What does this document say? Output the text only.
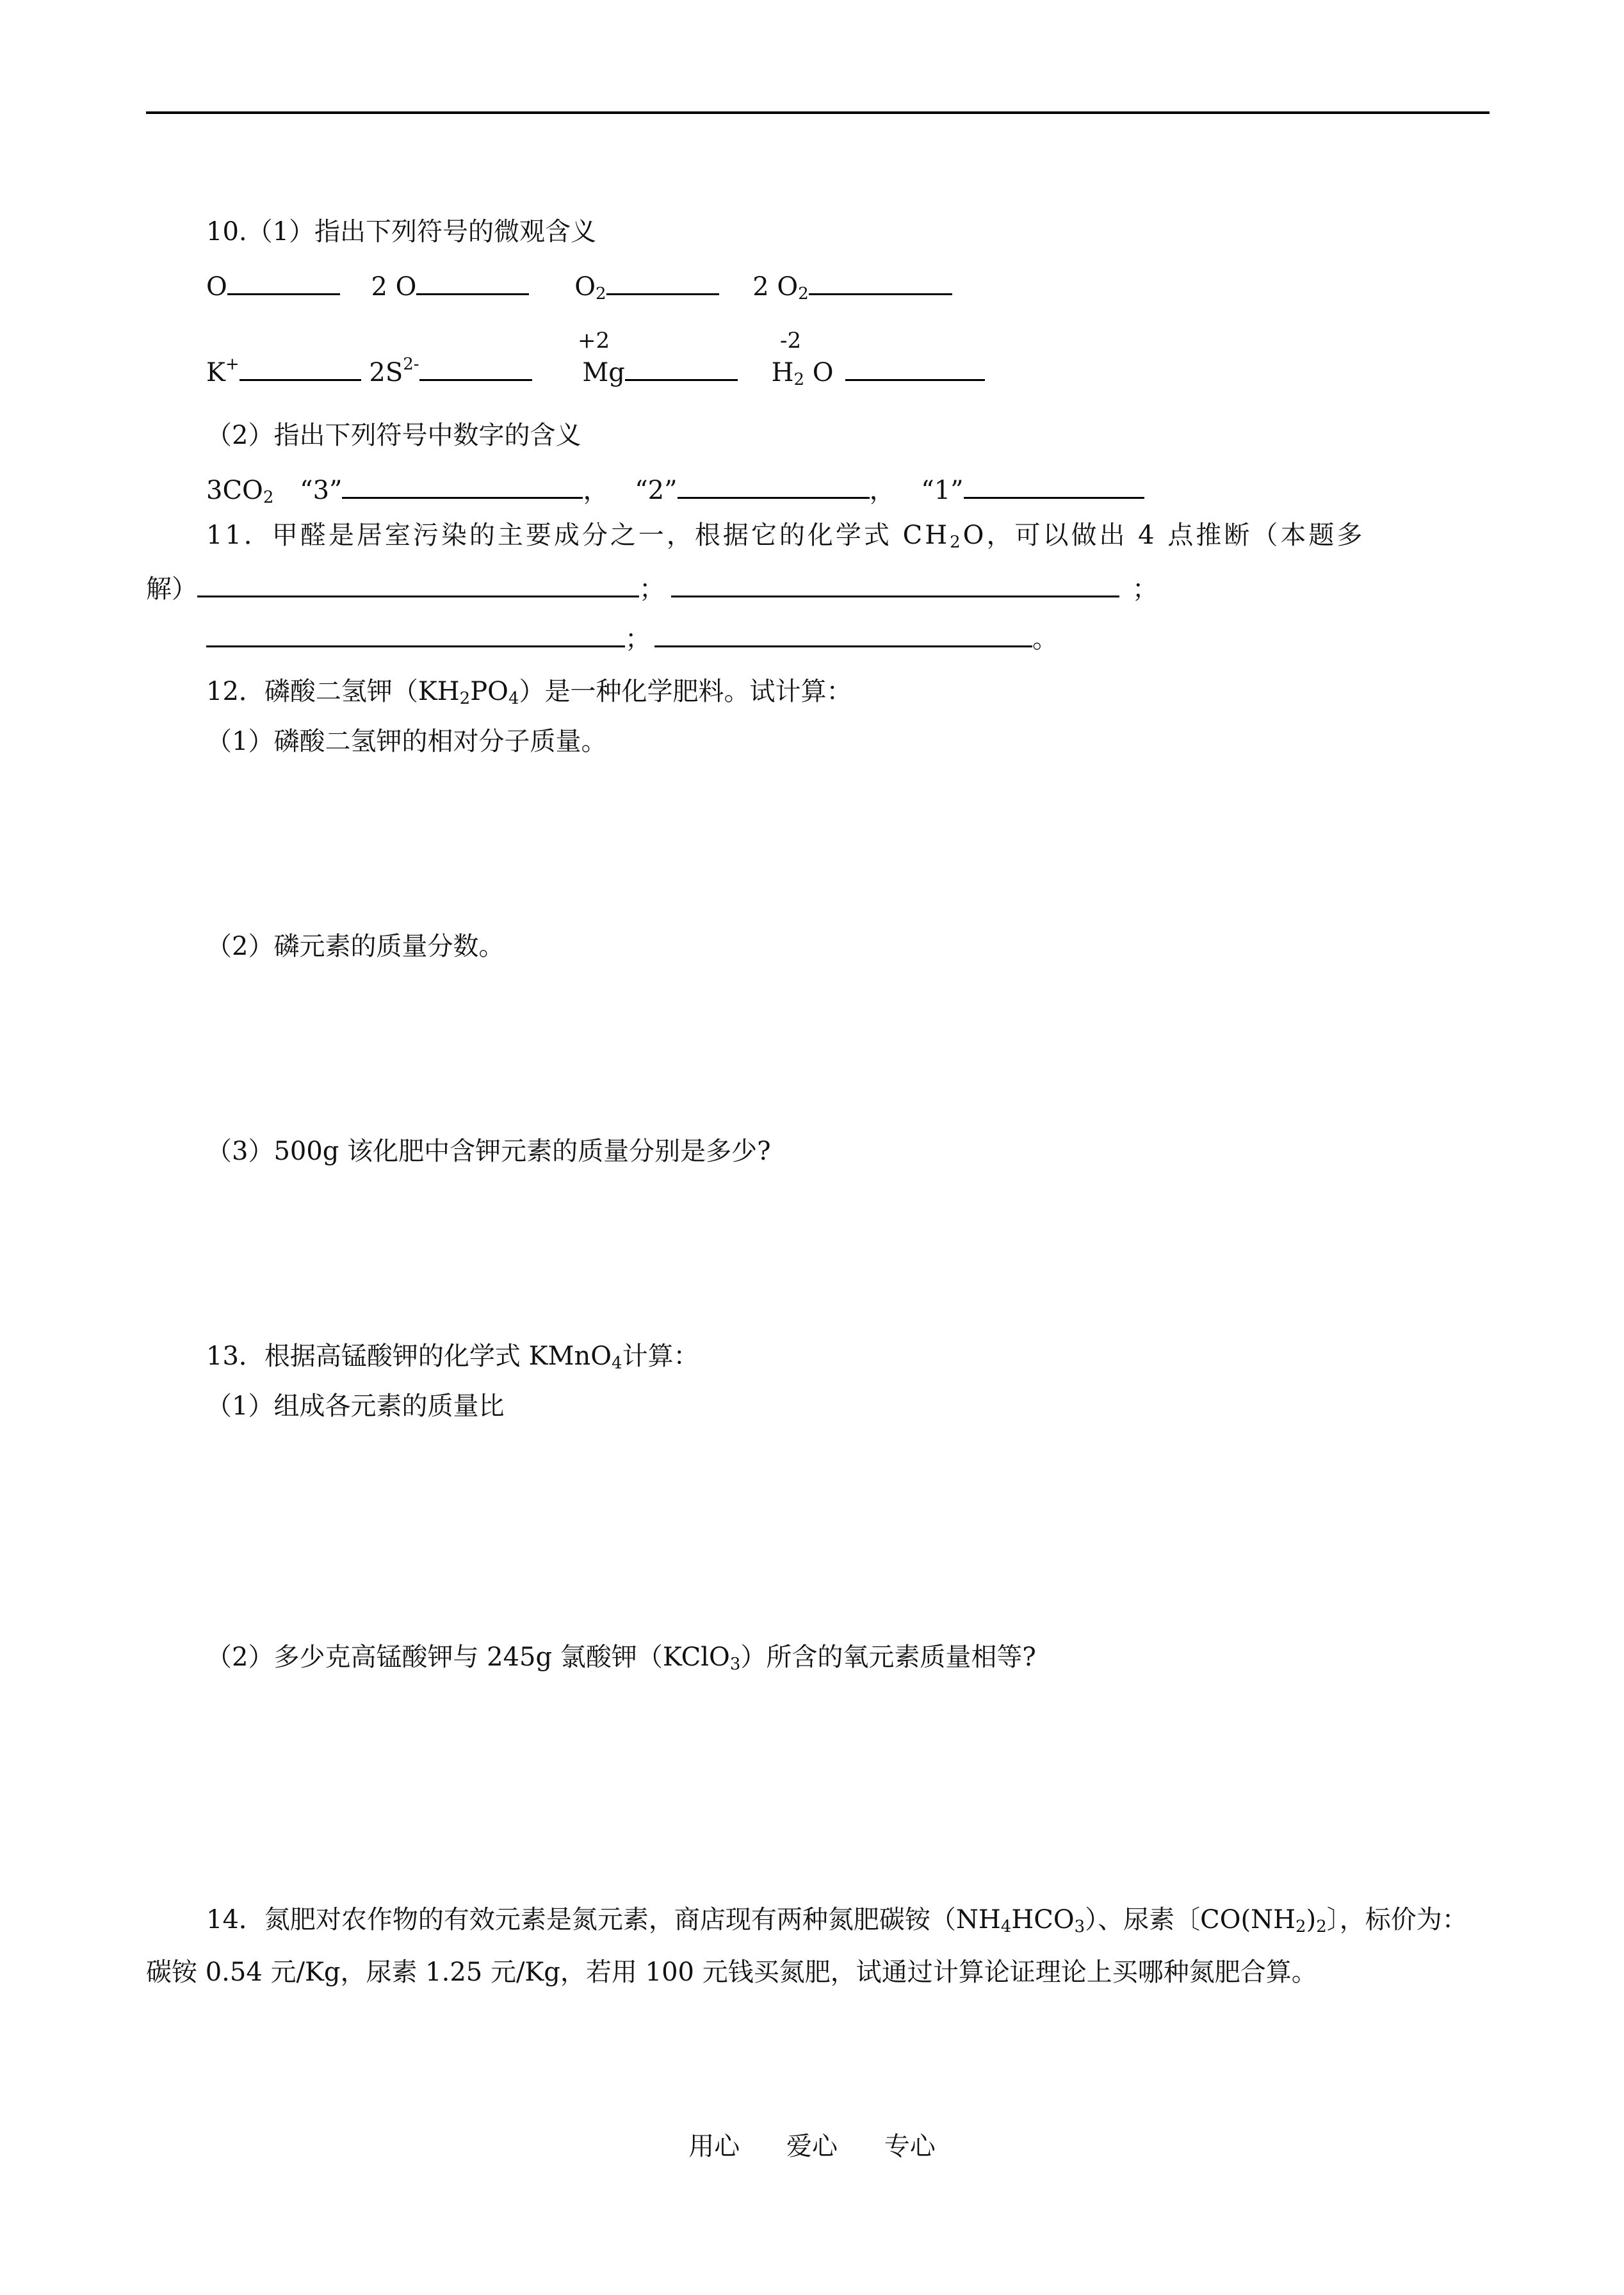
10.（1）指出下列符号的微观含义
O	2 O	$O_2$	2 $O_2$
+2	-2
K+	$2S^{2-}$	Mg	$H_2$ O
（2）指出下列符号中数字的含义
$3CO_2$ “3”	， “2”	， “1”
11．甲醛是居室污染的主要成分之一，根据它的化学式 $CH_2O$，可以做出 4 点推断（本题多
解）	；	；
；	。
12．磷酸二氢钾$(KH_2PO_4)$是一种化学肥料。试计算：
（1）磷酸二氢钾的相对分子质量。
（2）磷元素的质量分数。
（3）500g 该化肥中含钾元素的质量分别是多少?
13．根据高锰酸钾的化学式 KMnO$_4$计算：
（1）组成各元素的质量比
（2）多少克高锰酸钾与 245g 氯酸钾（KClO$_3$）所含的氧元素质量相等?
14．氮肥对农作物的有效元素是氮元素，商店现有两种氮肥碳铵$(NH_4HCO_3)$、尿素〔$CO(NH_2)_2$〕，标价为：
碳铵 0.54 元/Kg，尿素 1.25 元/Kg，若用 100 元钱买氮肥，试通过计算论证理论上买哪种氮肥合算。
用心 爱心 专心
